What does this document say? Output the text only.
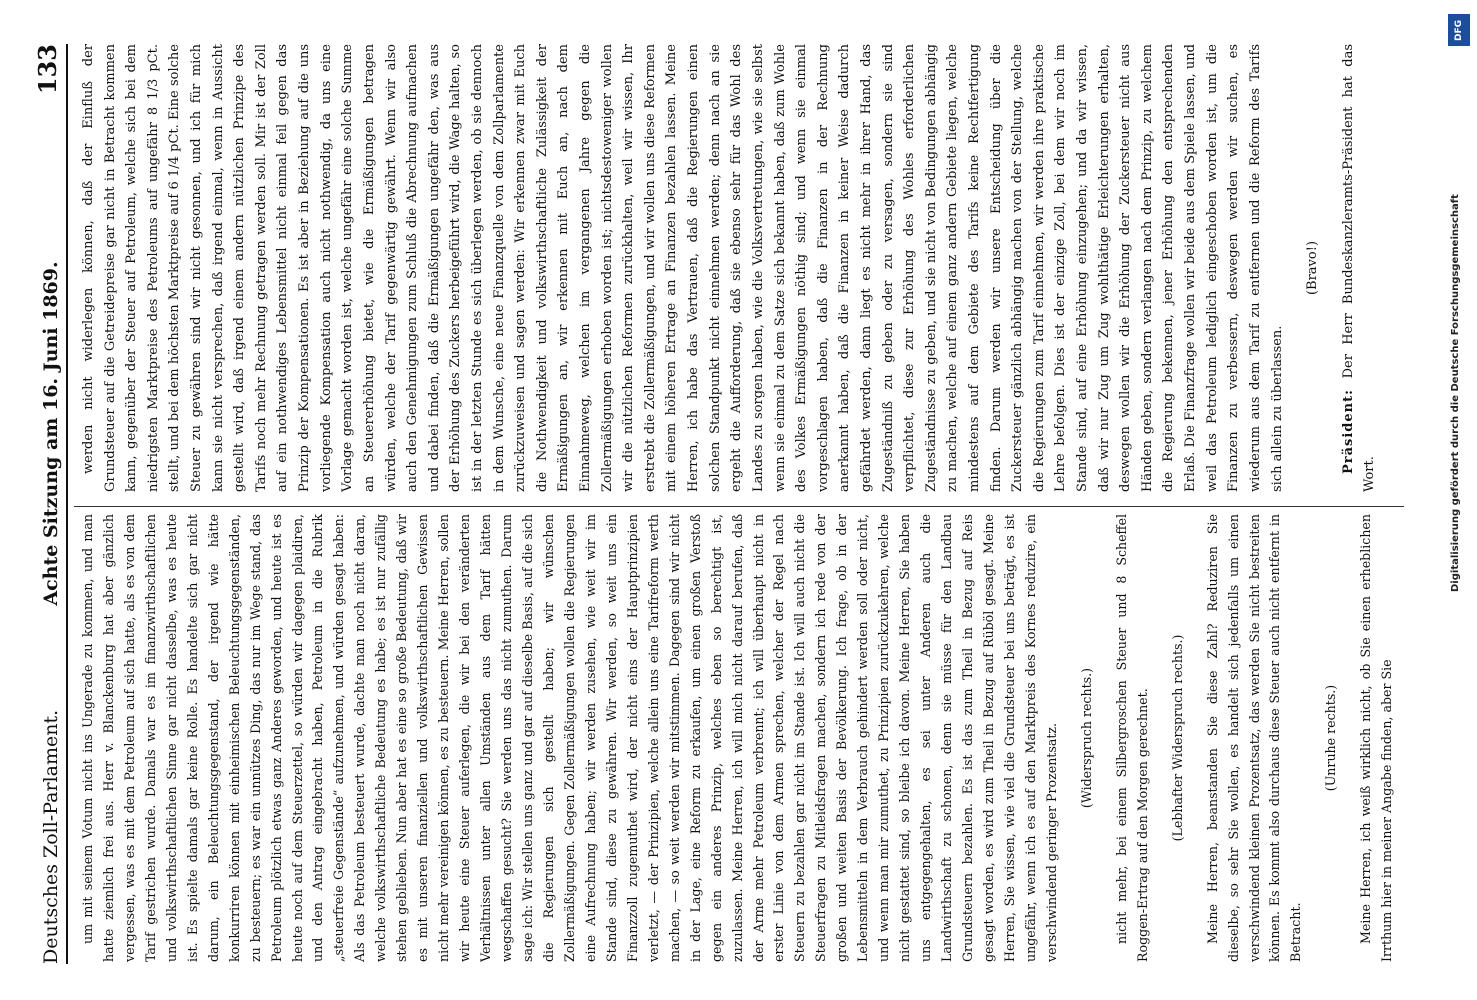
Deutsches Zoll-Parlament.
Achte Sitzung am 16. Juni 1869.
133

um mit seinem Votum nicht ins Ungerade zu kommen, und man hatte ziemlich frei aus. Herr v. Blanckenburg hat aber gänzlich vergessen, was es mit dem Petroleum auf sich hatte, als es von dem Tarif gestrichen wurde. Damals war es im finanzwirthschaftlichen und volkswirthschaftlichen Sinne gar nicht dasselbe, was es heute ist. Es spielte damals gar keine Rolle. Es handelte sich gar nicht darum, ein Beleuchtungsgegenstand, der irgend wie hätte konkurriren können mit einheimischen Beleuchtungsgegenständen, zu besteuern; es war ein unnützes Ding, das nur im Wege stand, das Petroleum plötzlich etwas ganz Anderes geworden, und heute ist es heute noch auf dem Steuerzettel, so würden wir dagegen plaidiren, und den Antrag eingebracht haben, Petroleum in die Rubrik „steuerfreie Gegenstände“ aufzunehmen, und würden gesagt haben: Als das Petroleum besteuert wurde, dachte man noch nicht daran, welche volkswirthschaftliche Bedeutung es habe; es ist nur zufällig stehen geblieben. Nun aber hat es eine so große Bedeutung, daß wir es mit unseren finanziellen und volkswirthschaftlichen Gewissen nicht mehr vereinigen können, es zu besteuern. Meine Herren, sollen wir heute eine Steuer auferlegen, die wir bei den veränderten Verhältnissen unter allen Umständen aus dem Tarif hätten wegschaffen gesucht? Sie werden uns das nicht zumuthen. Darum sage ich: Wir stellen uns ganz und gar auf dieselbe Basis, auf die sich die Regierungen sich gestellt haben; wir wünschen Zollermäßigungen. Gegen Zollermäßigungen wollen die Regierungen eine Aufrechnung haben; wir werden zusehen, wie weit wir im Stande sind, diese zu gewähren. Wir werden, so weit uns ein Finanzzoll zugemuthet wird, der nicht eins der Hauptprinzipien verletzt, — der Prinzipien, welche allein uns eine Tarifreform werth machen, — so weit werden wir mitstimmen. Dagegen sind wir nicht in der Lage, eine Reform zu erkaufen, um einen großen Verstoß gegen ein anderes Prinzip, welches eben so berechtigt ist, zuzulassen. Meine Herren, ich will mich nicht darauf berufen, daß der Arme mehr Petroleum verbrennt; ich will überhaupt nicht in erster Linie von dem Armen sprechen, welcher der Regel nach Steuern zu bezahlen gar nicht im Stande ist. Ich will auch nicht die Steuerfragen zu Mitleidsfragen machen, sondern ich rede von der großen und weiten Basis der Bevölkerung. Ich frage, ob in der Lebensmitteln in dem Verbrauch gehindert werden soll oder nicht, und wenn man mir zumuthet, zu Prinzipien zurückzukehren, welche nicht gestattet sind, so bleibe ich davon. Meine Herren, Sie haben uns entgegengehalten, es sei unter Anderen auch die Landwirthschaft zu schonen, denn sie müsse für den Landbau Grundsteuern bezahlen. Es ist das zum Theil in Bezug auf Reis gesagt worden, es wird zum Theil in Bezug auf Rüböl gesagt. Meine Herren, Sie wissen, wie viel die Grundsteuer bei uns beträgt, es ist ungefähr, wenn ich es auf den Marktpreis des Kornes reduzire, ein verschwindend geringer Prozentsatz.	(Widerspruch rechts.)	nicht mehr, bei einem Silbergroschen Steuer und 8 Scheffel Roggen-Ertrag auf den Morgen gerechnet.	(Lebhafter Widerspruch rechts.)	Meine Herren, beanstanden Sie diese Zahl? Reduziren Sie dieselbe, so sehr Sie wollen, es handelt sich jedenfalls um einen verschwindend kleinen Prozentsatz, das werden Sie nicht bestreiten können. Es kommt also durchaus diese Steuer auch nicht entfernt in Betracht.

(Unruhe rechts.)	Meine Herren, ich weiß wirklich nicht, ob Sie einen erheblichen Irrthum hier in meiner Angabe finden, aber Sie

werden nicht widerlegen können, daß der Einfluß der Grundsteuer auf die Getreidepreise gar nicht in Betracht kommen kann, gegenüber der Steuer auf Petroleum, welche sich bei dem niedrigsten Marktpreise des Petroleums auf ungefähr 8 1/3 pCt. stellt, und bei dem höchsten Marktpreise auf 6 1/4 pCt. Eine solche Steuer zu gewähren sind wir nicht gesonnen, und ich für mich kann sie nicht versprechen, daß irgend einmal, wenn in Aussicht gestellt wird, daß irgend einem andern nützlichen Prinzipe des Tarifs noch mehr Rechnung getragen werden soll. Mir ist der Zoll auf ein nothwendiges Lebensmittel nicht einmal feil gegen das Prinzip der Kompensationen. Es ist aber in Beziehung auf die uns vorliegende Kompensation auch nicht nothwendig, da uns eine Vorlage gemacht worden ist, welche ungefähr eine solche Summe an Steuererhöhung bietet, wie die Ermäßigungen betragen würden, welche der Tarif gegenwärtig gewährt. Wenn wir also auch den Genehmigungen zum Schluß die Abrechnung aufmachen und dabei finden, daß die Ermäßigungen ungefähr den, was aus der Erhöhung des Zuckers herbeigeführt wird, die Wage halten, so ist in der letzten Stunde es sich überlegen werden, ob sie dennoch in dem Wunsche, eine neue Finanzquelle von dem Zollparlamente zurückzuweisen und sagen werden: Wir erkennen zwar mit Euch die Nothwendigkeit und volkswirthschaftliche Zulässigkeit der Ermäßigungen an, wir erkennen mit Euch an, nach dem Einnahmeweg, welchen im vergangenen Jahre gegen die Zollermäßigungen erhoben worden ist; nichtsdestoweniger wollen wir die nützlichen Reformen zurückhalten, weil wir wissen, Ihr erstrebt die Zollermäßigungen, und wir wollen uns diese Reformen mit einem höheren Ertrage an Finanzen bezahlen lassen. Meine Herren, ich habe das Vertrauen, daß die Regierungen einen solchen Standpunkt nicht einnehmen werden; denn nach an sie ergeht die Aufforderung, daß sie ebenso sehr für das Wohl des Landes zu sorgen haben, wie die Volksvertretungen, wie sie selbst wenn sie einmal zu dem Satze sich bekannt haben, daß zum Wohle des Volkes Ermäßigungen nöthig sind; und wenn sie einmal vorgeschlagen haben, daß die Finanzen in der Rechnung anerkannt haben, daß die Finanzen in keiner Weise dadurch gefährdet werden, dann liegt es nicht mehr in ihrer Hand, das Zugeständniß zu geben oder zu versagen, sondern sie sind verpflichtet, diese zur Erhöhung des Wohles erforderlichen Zugeständnisse zu geben, und sie nicht von Bedingungen abhängig zu machen, welche auf einem ganz andern Gebiete liegen, welche mindestens auf dem Gebiete des Tarifs keine Rechtfertigung finden. Darum werden wir unsere Entscheidung über die Zuckersteuer gänzlich abhängig machen von der Stellung, welche die Regierungen zum Tarif einnehmen, wir werden ihre praktische Lehre befolgen. Dies ist der einzige Zoll, bei dem wir noch im Stande sind, auf eine Erhöhung einzugehen; und da wir wissen, daß wir nur Zug um Zug wohlthätige Erleichterungen erhalten, deswegen wollen wir die Erhöhung der Zuckersteuer nicht aus Händen geben, sondern verlangen nach dem Prinzip, zu welchem die Regierung bekennen, jener Erhöhung den entsprechenden Erlaß. Die Finanzfrage wollen wir beide aus dem Spiele lassen, und weil das Petroleum lediglich eingeschoben worden ist, um die Finanzen zu verbessern, deswegen werden wir suchen, es wiederum aus dem Tarif zu entfernen und die Reform des Tarifs sich allein zu überlassen.

(Bravo!)

Präsident: Der Herr Bundeskanzleramts-Präsident hat das Wort.

DFG
Digitalisierung gefördert durch die Deutsche Forschungsgemeinschaft
